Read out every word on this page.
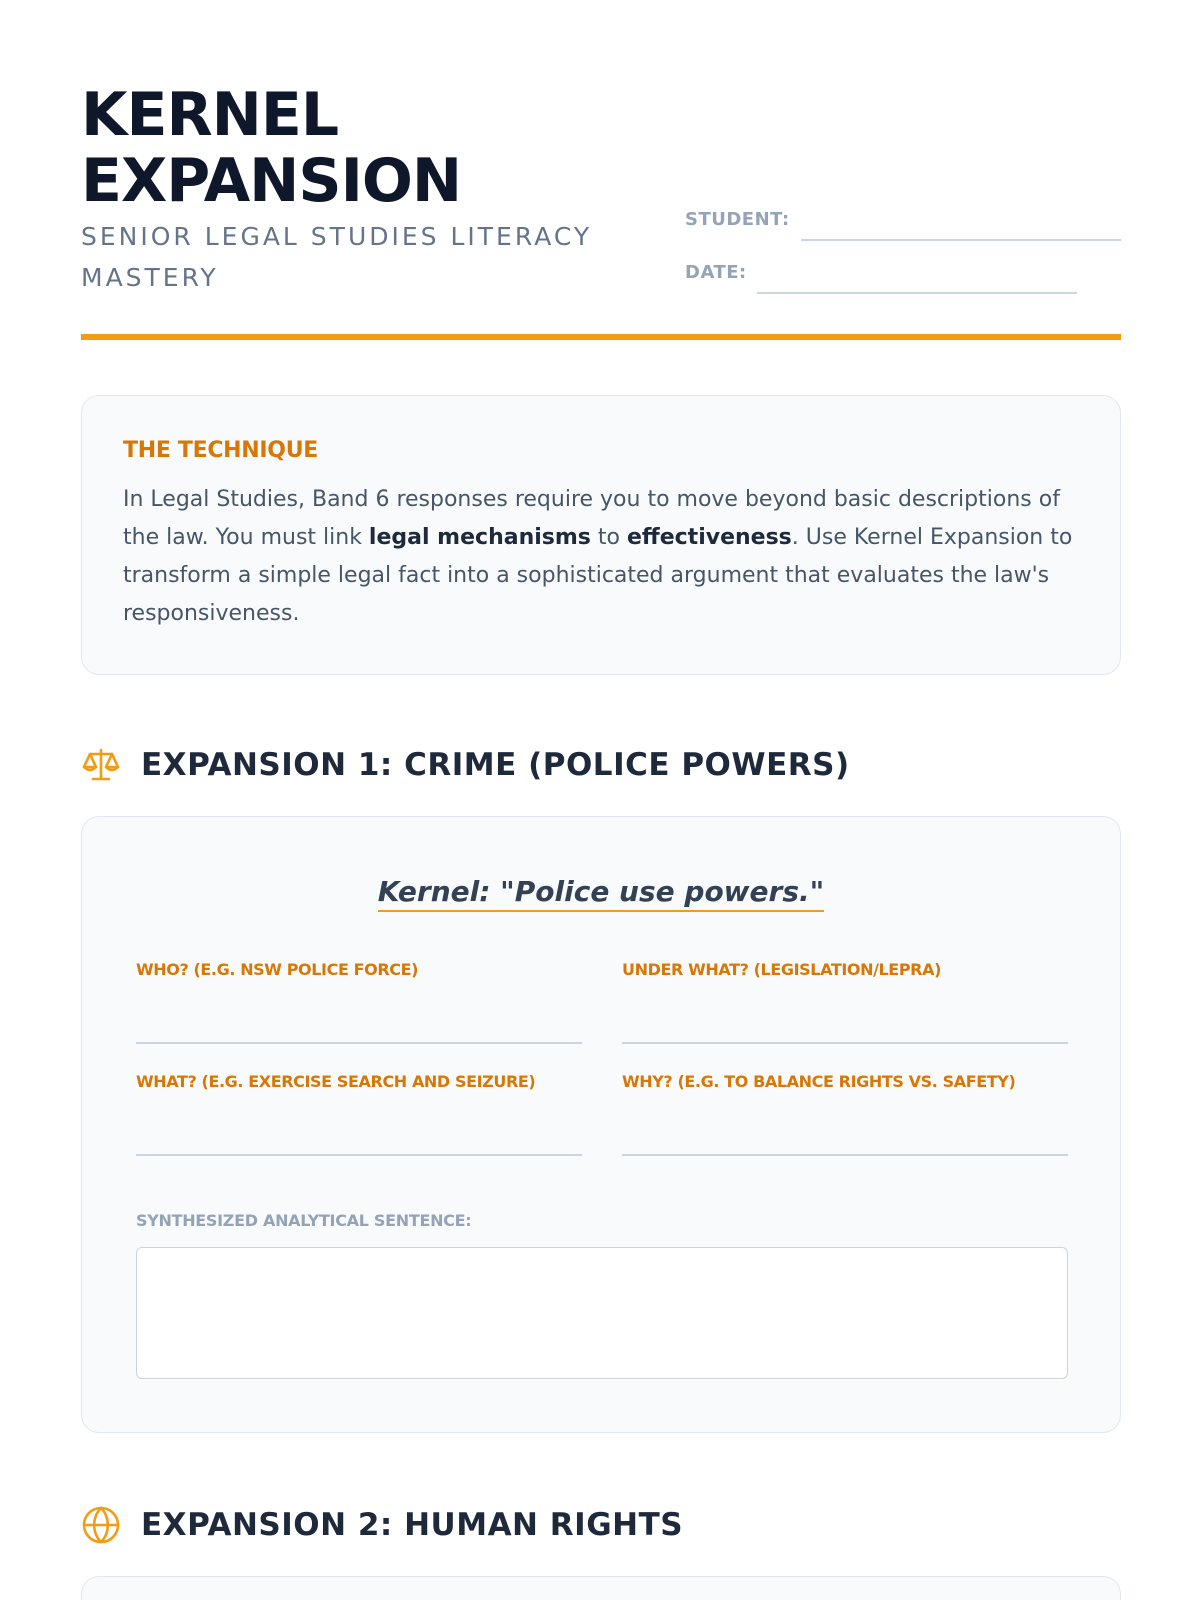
KERNEL
EXPANSION
SENIOR LEGAL STUDIES LITERACY MASTERY
STUDENT:
DATE:
THE TECHNIQUE

In Legal Studies, Band 6 responses require you to move beyond basic descriptions of the law. You must link legal mechanisms to effectiveness. Use Kernel Expansion to transform a simple legal fact into a sophisticated argument that evaluates the law's responsiveness.

EXPANSION 1: CRIME (POLICE POWERS)
Kernel: "Police use powers."
WHO? (E.G. NSW POLICE FORCE)	UNDER WHAT? (LEGISLATION/LEPRA)
WHAT? (E.G. EXERCISE SEARCH AND SEIZURE)	WHY? (E.G. TO BALANCE RIGHTS VS. SAFETY)
SYNTHESIZED ANALYTICAL SENTENCE:
EXPANSION 2: HUMAN RIGHTS
